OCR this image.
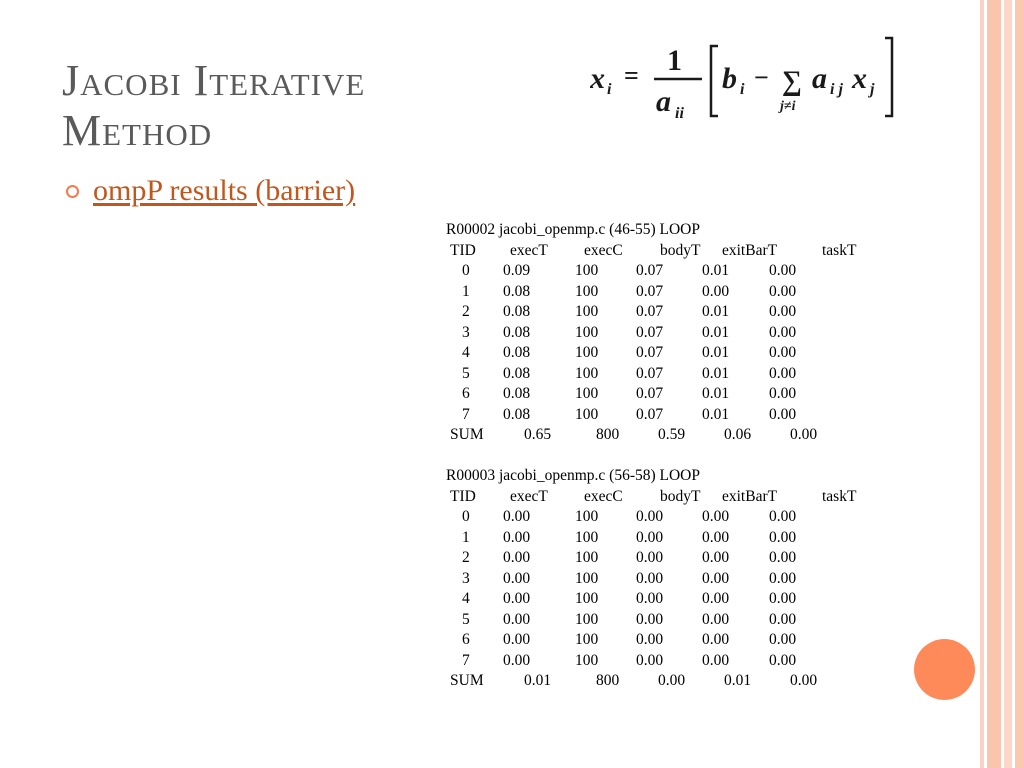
Jacobi Iterative
Method
x i = 1
a ii
b i − ∑
j≠i
a i j x j
ompP results (barrier)
R00002 jacobi_openmp.c (46-55) LOOP
TID execT execC bodyT exitBarT	taskT
0 0.09	100 0.07	0.01	0.00
1 0.08	100 0.07	0.00	0.00
2 0.08	100 0.07	0.01	0.00
3 0.08	100 0.07	0.01	0.00
4 0.08	100 0.07	0.01	0.00
5 0.08	100 0.07	0.01	0.00
6 0.08	100 0.07	0.01	0.00
7 0.08	100 0.07	0.01	0.00
SUM	0.65	800	0.59	0.06	0.00
R00003 jacobi_openmp.c (56-58) LOOP
TID execT execC bodyT exitBarT	taskT
0 0.00	100 0.00	0.00	0.00
1 0.00	100 0.00	0.00	0.00
2 0.00	100 0.00	0.00	0.00
3 0.00	100 0.00	0.00	0.00
4 0.00	100 0.00	0.00	0.00
5 0.00	100 0.00	0.00	0.00
6 0.00	100 0.00	0.00	0.00
7 0.00	100 0.00	0.00	0.00
SUM	0.01	800	0.00	0.01	0.00
